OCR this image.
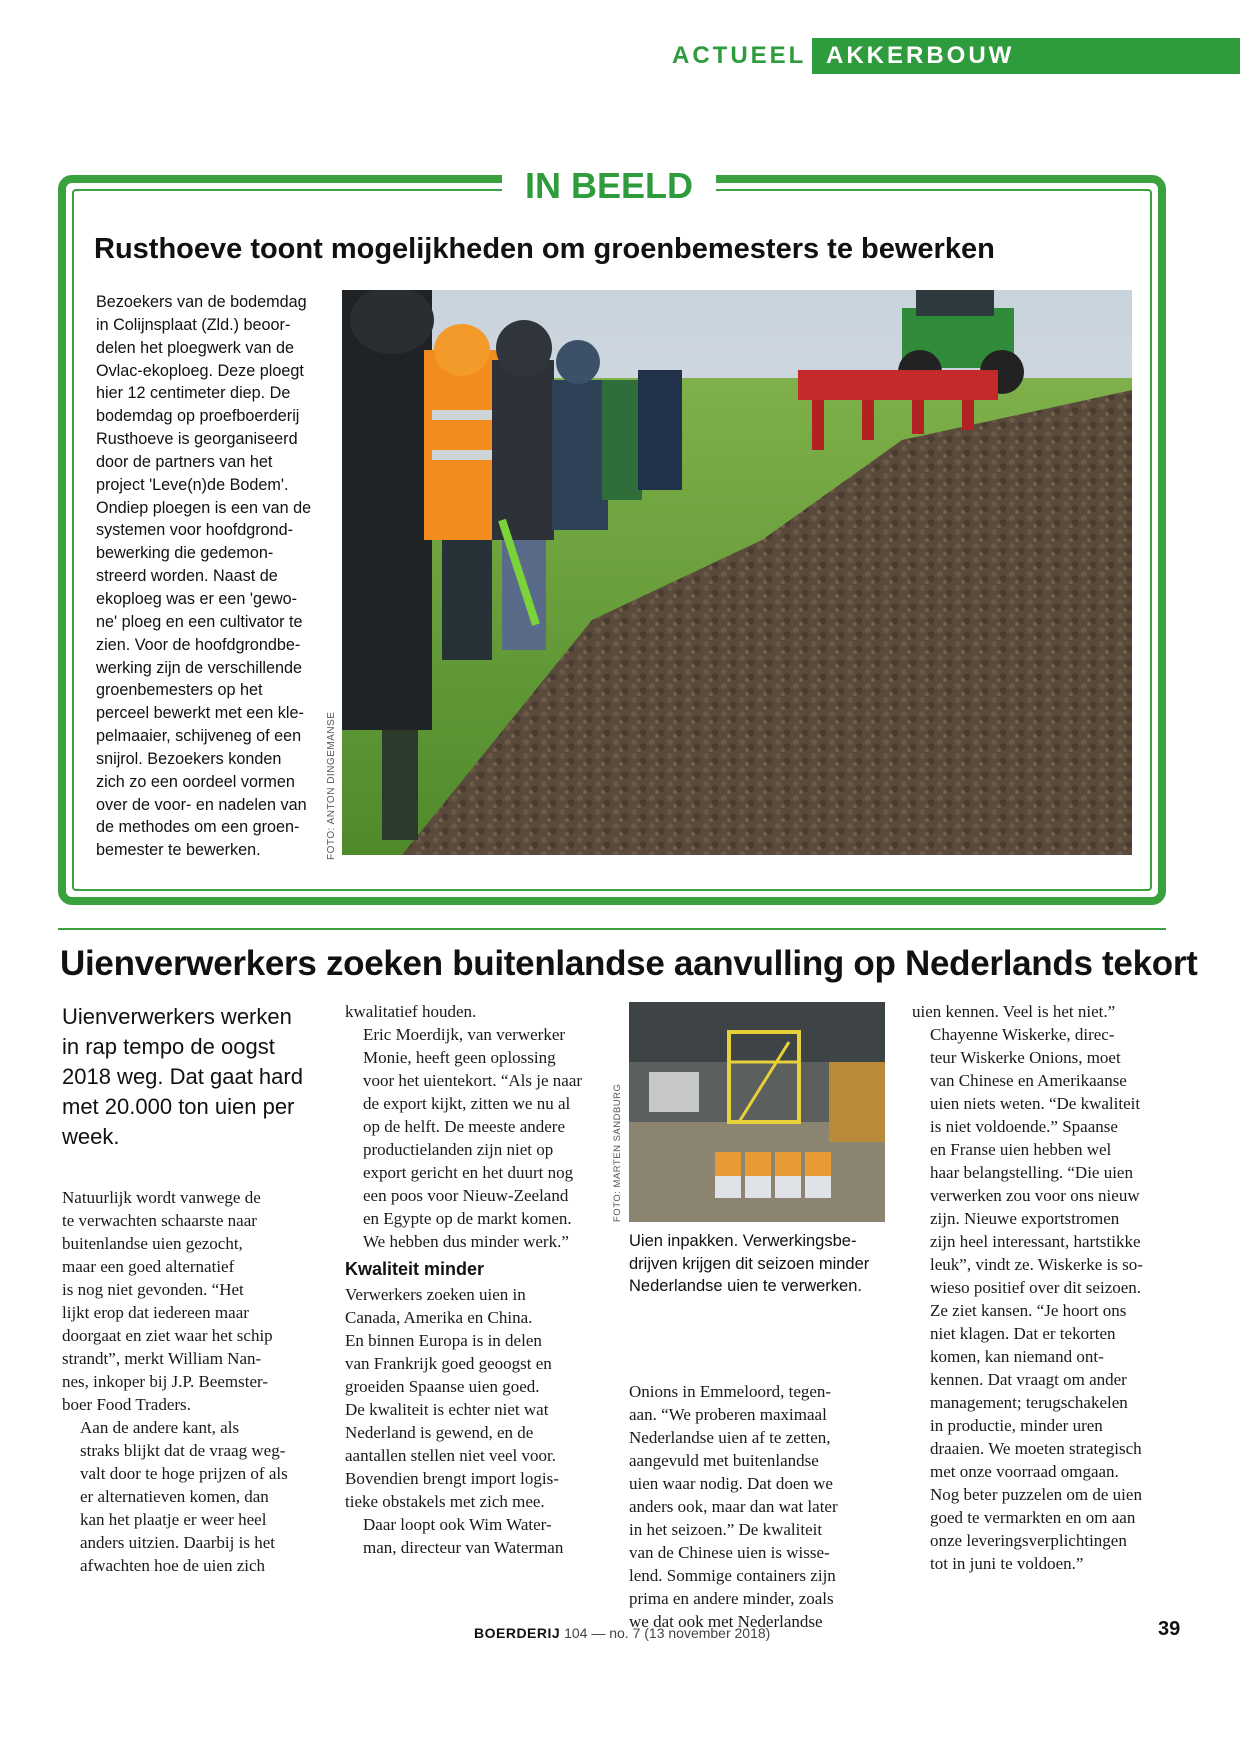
ACTUEEL AKKERBOUW
IN BEELD
Rusthoeve toont mogelijkheden om groenbemesters te bewerken
Bezoekers van de bodemdag
in Colijnsplaat (Zld.) beoor-
delen het ploegwerk van de
Ovlac-ekoploeg. Deze ploegt
hier 12 centimeter diep. De
bodemdag op proefboerderij
Rusthoeve is georganiseerd
door de partners van het
project 'Leve(n)de Bodem'.
Ondiep ploegen is een van de
systemen voor hoofdgrond-
bewerking die gedemon-
streerd worden. Naast de
ekoploeg was er een 'gewo-
ne' ploeg en een cultivator te
zien. Voor de hoofdgrondbe-
werking zijn de verschillende
groenbemesters op het
perceel bewerkt met een kle-
pelmaaier, schijveneg of een
snijrol. Bezoekers konden
zich zo een oordeel vormen
over de voor- en nadelen van
de methodes om een groen-
bemester te bewerken.	FOTO: ANTON DINGEMANSE
Uienverwerkers zoeken buitenlandse aanvulling op Nederlands tekort
Uienverwerkers werken
in rap tempo de oogst
2018 weg. Dat gaat hard
met 20.000 ton uien per
week.

Natuurlijk wordt vanwege de
te verwachten schaarste naar
buitenlandse uien gezocht,
maar een goed alternatief
is nog niet gevonden. “Het
lijkt erop dat iedereen maar
doorgaat en ziet waar het schip
strandt”, merkt William Nan-
nes, inkoper bij J.P. Beemster-
boer Food Traders.

Aan de andere kant, als
straks blijkt dat de vraag weg-
valt door te hoge prijzen of als
er alternatieven komen, dan
kan het plaatje er weer heel
anders uitzien. Daarbij is het
afwachten hoe de uien zich

kwalitatief houden.

Eric Moerdijk, van verwerker
Monie, heeft geen oplossing
voor het uientekort. “Als je naar
de export kijkt, zitten we nu al
op de helft. De meeste andere
productielanden zijn niet op
export gericht en het duurt nog
een poos voor Nieuw-Zeeland
en Egypte op de markt komen.
We hebben dus minder werk.”

Kwaliteit minder

Verwerkers zoeken uien in
Canada, Amerika en China.
En binnen Europa is in delen
van Frankrijk goed geoogst en
groeiden Spaanse uien goed.
De kwaliteit is echter niet wat
Nederland is gewend, en de
aantallen stellen niet veel voor.
Bovendien brengt import logis-
tieke obstakels met zich mee.

Daar loopt ook Wim Water-
man, directeur van Waterman

FOTO: MARTEN SANDBURG
Uien inpakken. Verwerkingsbe-
drijven krijgen dit seizoen minder
Nederlandse uien te verwerken.

Onions in Emmeloord, tegen-
aan. “We proberen maximaal
Nederlandse uien af te zetten,
aangevuld met buitenlandse
uien waar nodig. Dat doen we
anders ook, maar dan wat later
in het seizoen.” De kwaliteit
van de Chinese uien is wisse-
lend. Sommige containers zijn
prima en andere minder, zoals
we dat ook met Nederlandse

uien kennen. Veel is het niet.”

Chayenne Wiskerke, direc-
teur Wiskerke Onions, moet
van Chinese en Amerikaanse
uien niets weten. “De kwaliteit
is niet voldoende.” Spaanse
en Franse uien hebben wel
haar belangstelling. “Die uien
verwerken zou voor ons nieuw
zijn. Nieuwe exportstromen
zijn heel interessant, hartstikke
leuk”, vindt ze. Wiskerke is so-
wieso positief over dit seizoen.
Ze ziet kansen. “Je hoort ons
niet klagen. Dat er tekorten
komen, kan niemand ont-
kennen. Dat vraagt om ander
management; terugschakelen
in productie, minder uren
draaien. We moeten strategisch
met onze voorraad omgaan.
Nog beter puzzelen om de uien
goed te vermarkten en om aan
onze leveringsverplichtingen
tot in juni te voldoen.”

BOERDERIJ 104 — no. 7 (13 november 2018)	39
